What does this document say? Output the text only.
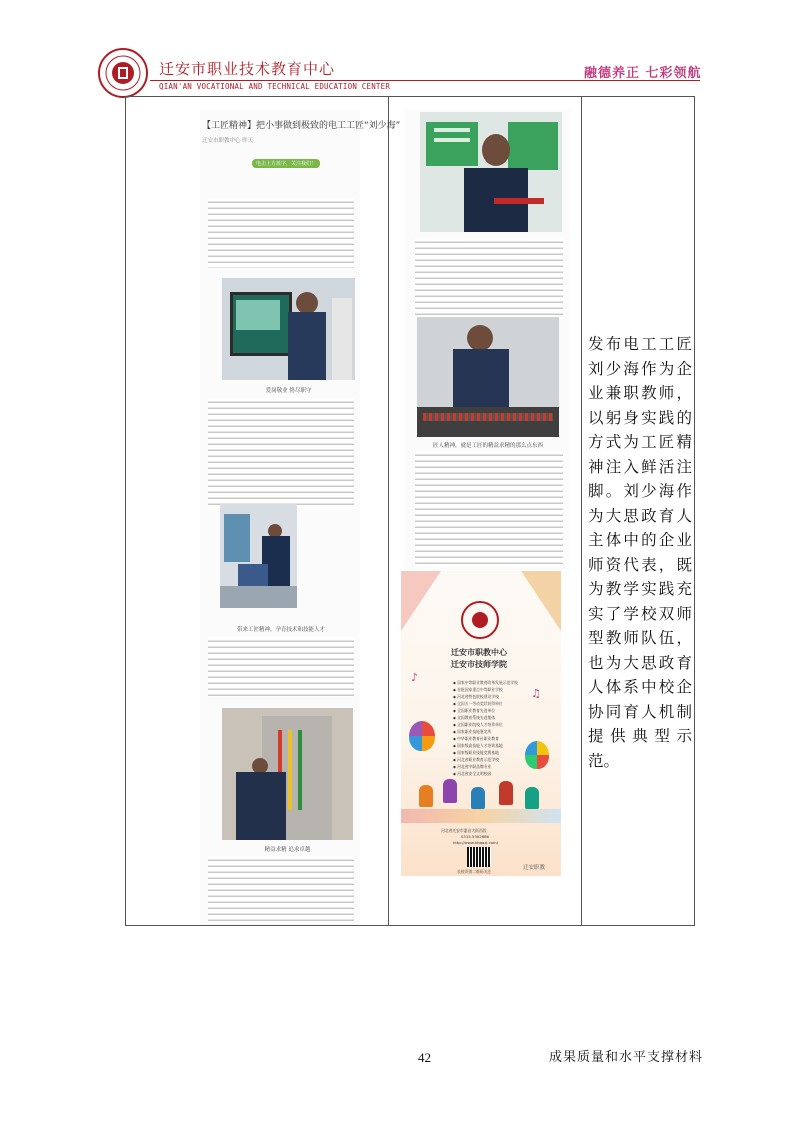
迁安市职业技术教育中心
QIAN'AN VOCATIONAL AND TECHNICAL EDUCATION CENTER
融德养正 七彩领航
【工匠精神】把小事做到极致的电工工匠“刘少海”
迁安市职教中心 昨天
电击上方蓝字，关注我们！
爱岗敬业 恪尽职守
带来工匠精神，孕育技术和技能人才
精益求精 追求卓越
匠人精神，就是工匠的精益求精的那么点东西
迁安市职教中心
迁安市技师学院
♪
♫
◆ 国家中等职业教育改革发展示范学校
◆ 首批国家重点中等职业学校
◆ 河北省特色院校建设学校
◆ 全国五一劳动奖状获得单位
◆ 全国职业教育先进单位
◆ 全国教育系统先进集体
◆ 全国职业院校人才培养单位
◆ 国家职业技能鉴定所
◆ 中华职业教育社职业教育
◆ 国家级高技能人才培训基地
◆ 国家级职业技能竞赛基地
◆ 河北省职业教育示范学校
◆ 河北省中职品牌专业
◆ 河北省安全文明校园
河北省迁安市惠昌大街西段
0315-5302686
http://www.hbqazj.com/
长按识别二维码关注
迁安职教

发布电工工匠刘少海作为企业兼职教师，以躬身实践的方式为工匠精神注入鲜活注脚。刘少海作为大思政育人主体中的企业师资代表，既为教学实践充实了学校双师型教师队伍，也为大思政育人体系中校企协同育人机制提供典型示范。

42	成果质量和水平支撑材料
